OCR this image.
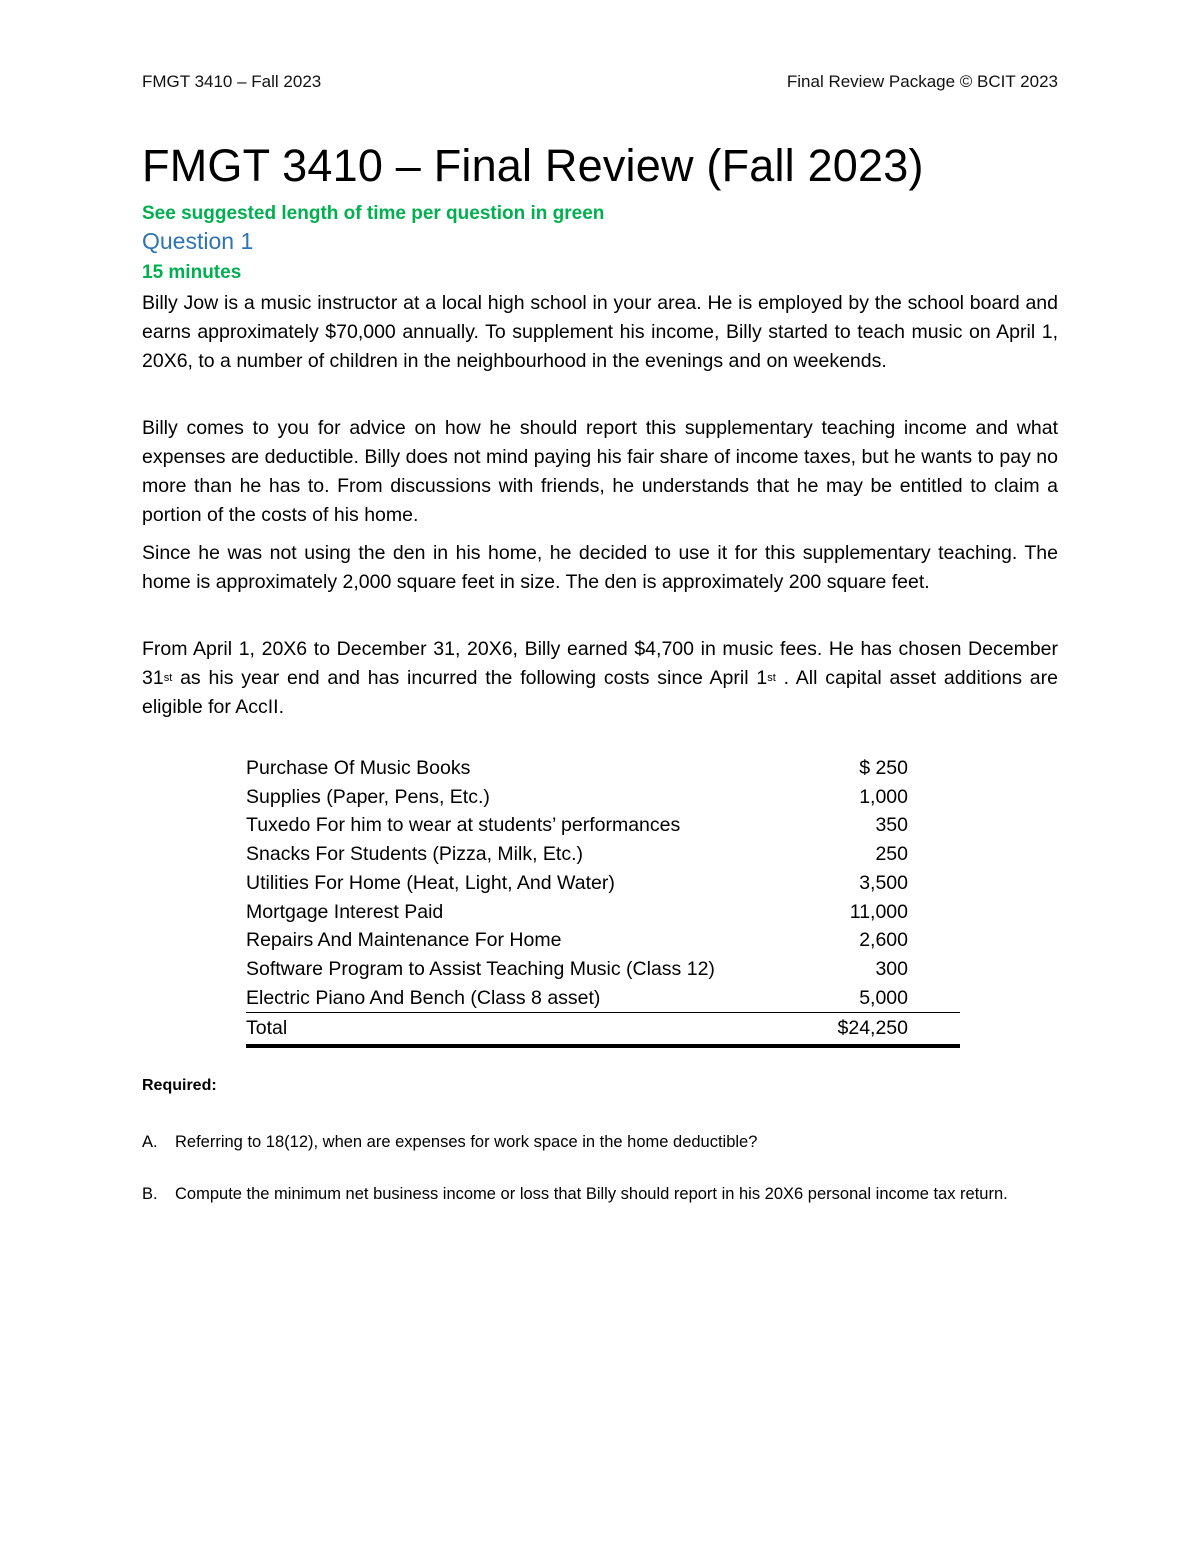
FMGT 3410 – Fall 2023	Final Review Package © BCIT 2023
FMGT 3410 – Final Review (Fall 2023)
See suggested length of time per question in green
Question 1
15 minutes

Billy Jow is a music instructor at a local high school in your area. He is employed by the school board and earns approximately $70,000 annually. To supplement his income, Billy started to teach music on April 1, 20X6, to a number of children in the neighbourhood in the evenings and on weekends.

Billy comes to you for advice on how he should report this supplementary teaching income and what expenses are deductible. Billy does not mind paying his fair share of income taxes, but he wants to pay no more than he has to. From discussions with friends, he understands that he may be entitled to claim a portion of the costs of his home.

Since he was not using the den in his home, he decided to use it for this supplementary teaching. The home is approximately 2,000 square feet in size. The den is approximately 200 square feet.

From April 1, 20X6 to December 31, 20X6, Billy earned $4,700 in music fees. He has chosen December 31st as his year end and has incurred the following costs since April 1st . All capital asset additions are eligible for AccII.

Purchase Of Music Books	$ 250
Supplies (Paper, Pens, Etc.)	1,000
Tuxedo For him to wear at students’ performances	350
Snacks For Students (Pizza, Milk, Etc.)	250
Utilities For Home (Heat, Light, And Water)	3,500
Mortgage Interest Paid	11,000
Repairs And Maintenance For Home	2,600
Software Program to Assist Teaching Music (Class 12)	300
Electric Piano And Bench (Class 8 asset)	5,000
Total	$24,250
Required:
A. Referring to 18(12), when are expenses for work space in the home deductible?
B. Compute the minimum net business income or loss that Billy should report in his 20X6 personal income tax return.
